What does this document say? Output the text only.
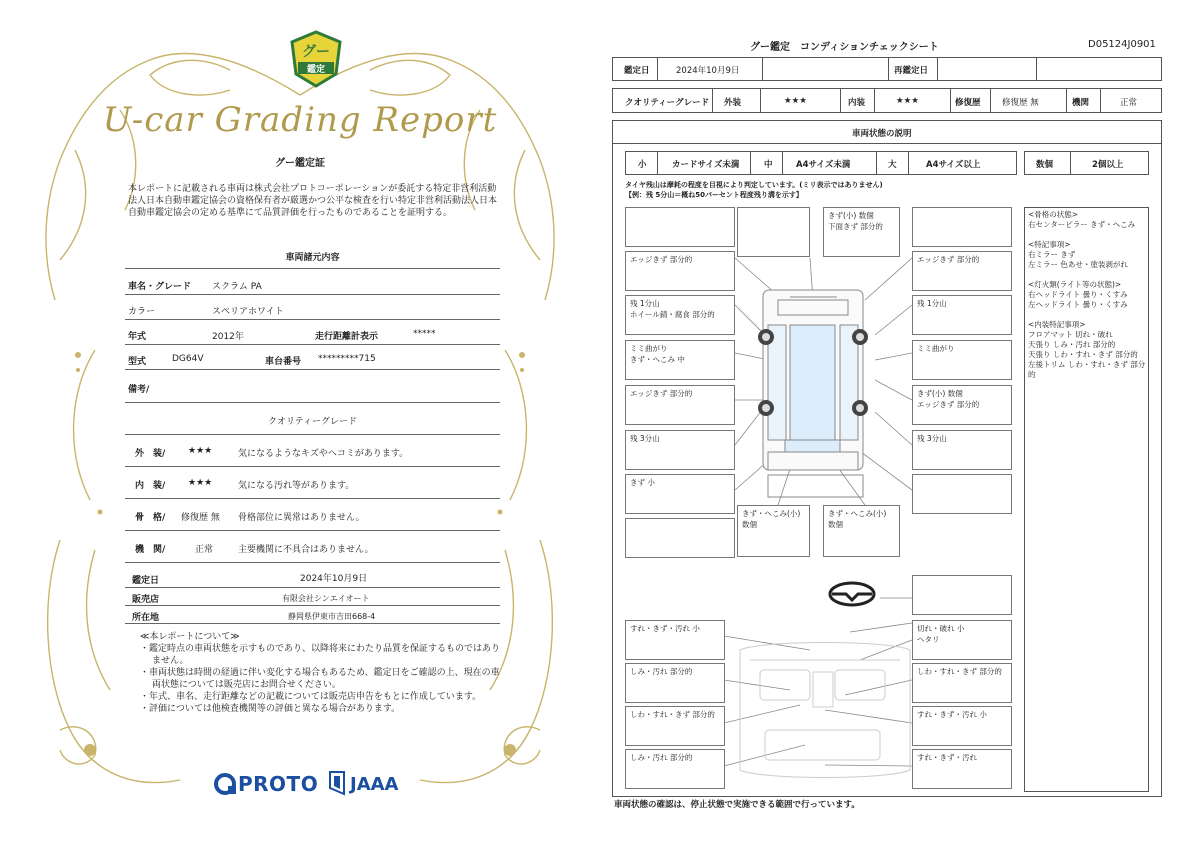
グー
鑑定
U-car Grading Report
グー鑑定証
本レポートに記載される車両は株式会社プロトコーポレーションが委託する特定非営利活動法人日本自動車鑑定協会の資格保有者が厳選かつ公平な検査を行い特定非営利活動法人日本自動車鑑定協会の定める基準にて品質評価を行ったものであることを証明する。
車両諸元内容
車名・グレード スクラム PA
カラー	スペリアホワイト
年式	2012年	走行距離計表示	*****
型式	DG64V	車台番号 *********715
備考/
クオリティーグレード
外　装/	★★★	気になるようなキズやヘコミがあります。
内　装/	★★★	気になる汚れ等があります。
骨　格/ 修復歴 無 骨格部位に異常はありません。
機　関/	正常	主要機関に不具合はありません。
鑑定日	2024年10月9日
販売店	有限会社シンエイオート
所在地	静岡県伊東市吉田668-4
≪本レポートについて≫
・鑑定時点の車両状態を示すものであり、以降将来にわたり品質を保証するものではありません。
・車両状態は時間の経過に伴い変化する場合もあるため、鑑定日をご確認の上、現在の車両状態については販売店にお問合せください。
・年式、車名、走行距離などの記載については販売店申告をもとに作成しています。
・評価については他検査機関等の評価と異なる場合があります。
PROTO JAAA
グー鑑定　コンディションチェックシート	D05124J0901
鑑定日	2024年10月9日	再鑑定日
クオリティーグレード 外装	★★★	内装	★★★	修復歴	修復歴 無	機関	正常
車両状態の説明
小	カードサイズ未満	中	A4サイズ未満	大	A4サイズ以上	数個	2個以上
タイヤ残山は摩耗の程度を目視により判定しています。(ミリ表示ではありません)
【例：残 5分山＝概ね50パーセント程度残り溝を示す】
きず(小) 数個
下面きず 部分的
エッジきず 部分的	エッジきず 部分的
残 1分山
ホイール錆・腐食 部分的
残 1分山
ミミ曲がり
きず・へこみ 中
ミミ曲がり
エッジきず 部分的	きず(小) 数個
エッジきず 部分的
残 3分山	残 3分山
きず 小
きず・へこみ(小) 数個
きず・へこみ(小) 数個
<骨格の状態>
右センターピラー きず・へこみ
<特記事項>
右ミラー きず
左ミラー 色あせ・塗装剥がれ
<灯火類(ライト等の状態)>
右ヘッドライト 曇り・くすみ
左ヘッドライト 曇り・くすみ
<内装特記事項>
フロアマット 切れ・破れ
天張り しみ・汚れ 部分的
天張り しわ・すれ・きず 部分的
左後トリム しわ・すれ・きず 部分的
すれ・きず・汚れ 小	切れ・破れ 小
ヘタリ
しみ・汚れ 部分的	しわ・すれ・きず 部分的
しわ・すれ・きず 部分的	すれ・きず・汚れ 小
しみ・汚れ 部分的	すれ・きず・汚れ
車両状態の確認は、停止状態で実施できる範囲で行っています。
